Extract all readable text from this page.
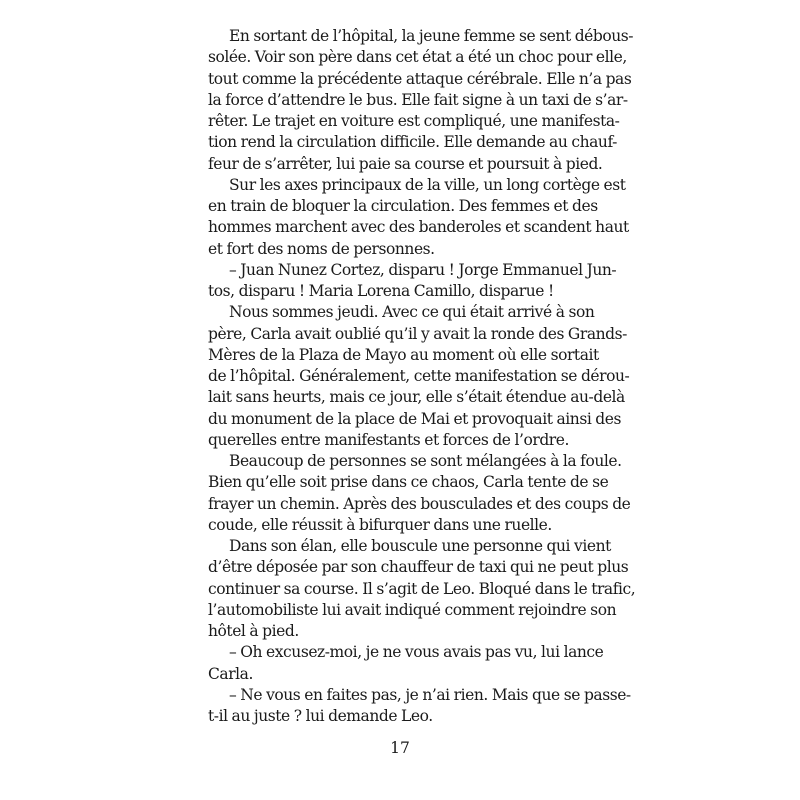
En sortant de l’hôpital, la jeune femme se sent débous-
solée. Voir son père dans cet état a été un choc pour elle,
tout comme la précédente attaque cérébrale. Elle n’a pas
la force d’attendre le bus. Elle fait signe à un taxi de s’ar-
rêter. Le trajet en voiture est compliqué, une manifesta-
tion rend la circulation difficile. Elle demande au chauf-
feur de s’arrêter, lui paie sa course et poursuit à pied.

Sur les axes principaux de la ville, un long cortège est
en train de bloquer la circulation. Des femmes et des
hommes marchent avec des banderoles et scandent haut
et fort des noms de personnes.

– Juan Nunez Cortez, disparu ! Jorge Emmanuel Jun-
tos, disparu ! Maria Lorena Camillo, disparue !

Nous sommes jeudi. Avec ce qui était arrivé à son
père, Carla avait oublié qu’il y avait la ronde des Grands-
Mères de la Plaza de Mayo au moment où elle sortait
de l’hôpital. Généralement, cette manifestation se dérou-
lait sans heurts, mais ce jour, elle s’était étendue au-delà
du monument de la place de Mai et provoquait ainsi des
querelles entre manifestants et forces de l’ordre.

Beaucoup de personnes se sont mélangées à la foule.
Bien qu’elle soit prise dans ce chaos, Carla tente de se
frayer un chemin. Après des bousculades et des coups de
coude, elle réussit à bifurquer dans une ruelle.

Dans son élan, elle bouscule une personne qui vient
d’être déposée par son chauffeur de taxi qui ne peut plus
continuer sa course. Il s’agit de Leo. Bloqué dans le trafic,
l’automobiliste lui avait indiqué comment rejoindre son
hôtel à pied.

– Oh excusez-moi, je ne vous avais pas vu, lui lance
Carla.

– Ne vous en faites pas, je n’ai rien. Mais que se passe-
t-il au juste ? lui demande Leo.

17
